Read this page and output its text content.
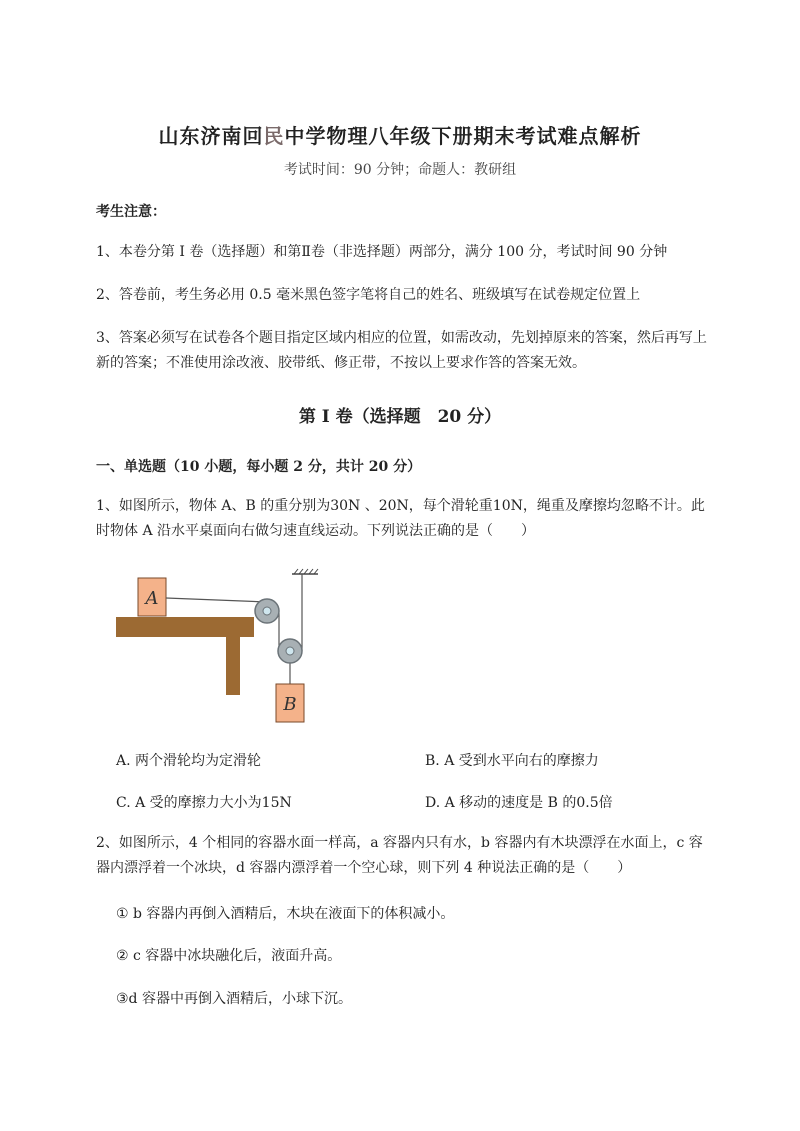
山东济南回民中学物理八年级下册期末考试难点解析
考试时间：90 分钟；命题人：教研组
考生注意：
1、本卷分第 I 卷（选择题）和第Ⅱ卷（非选择题）两部分，满分 100 分，考试时间 90 分钟
2、答卷前，考生务必用 0.5 毫米黑色签字笔将自己的姓名、班级填写在试卷规定位置上
3、答案必须写在试卷各个题目指定区域内相应的位置，如需改动，先划掉原来的答案，然后再写上新的答案；不准使用涂改液、胶带纸、修正带，不按以上要求作答的答案无效。
第 I 卷（选择题　20 分）
一、单选题（10 小题，每小题 2 分，共计 20 分）
1、如图所示，物体 A、B 的重分别为30N 、20N，每个滑轮重10N，绳重及摩擦均忽略不计。此时物体 A 沿水平桌面向右做匀速直线运动。下列说法正确的是（　　）
A
B
A. 两个滑轮均为定滑轮	B. A 受到水平向右的摩擦力
C. A 受的摩擦力大小为15N	D. A 移动的速度是 B 的0.5倍
2、如图所示，4 个相同的容器水面一样高，a 容器内只有水，b 容器内有木块漂浮在水面上，c 容器内漂浮着一个冰块，d 容器内漂浮着一个空心球，则下列 4 种说法正确的是（　　）
① b 容器内再倒入酒精后，木块在液面下的体积减小。
② c 容器中冰块融化后，液面升高。
③d 容器中再倒入酒精后，小球下沉。
